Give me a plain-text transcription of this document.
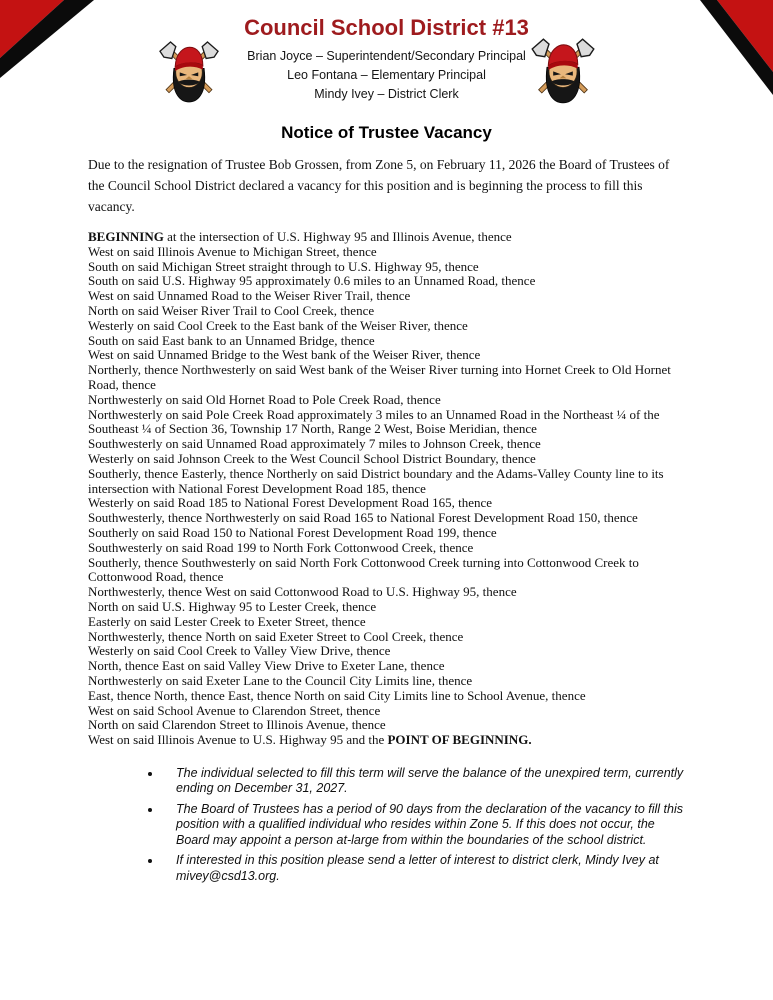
Council School District #13
Brian Joyce – Superintendent/Secondary Principal
Leo Fontana – Elementary Principal
Mindy Ivey – District Clerk
Notice of Trustee Vacancy

Due to the resignation of Trustee Bob Grossen, from Zone 5, on February 11, 2026 the Board of Trustees of the Council School District declared a vacancy for this position and is beginning the process to fill this vacancy.

BEGINNING at the intersection of U.S. Highway 95 and Illinois Avenue, thence
West on said Illinois Avenue to Michigan Street, thence
South on said Michigan Street straight through to U.S. Highway 95, thence
South on said U.S. Highway 95 approximately 0.6 miles to an Unnamed Road, thence
West on said Unnamed Road to the Weiser River Trail, thence
North on said Weiser River Trail to Cool Creek, thence
Westerly on said Cool Creek to the East bank of the Weiser River, thence
South on said East bank to an Unnamed Bridge, thence
West on said Unnamed Bridge to the West bank of the Weiser River, thence
Northerly, thence Northwesterly on said West bank of the Weiser River turning into Hornet Creek to Old Hornet Road, thence
Northwesterly on said Old Hornet Road to Pole Creek Road, thence
Northwesterly on said Pole Creek Road approximately 3 miles to an Unnamed Road in the Northeast ¼ of the Southeast ¼ of Section 36, Township 17 North, Range 2 West, Boise Meridian, thence
Southwesterly on said Unnamed Road approximately 7 miles to Johnson Creek, thence
Westerly on said Johnson Creek to the West Council School District Boundary, thence
Southerly, thence Easterly, thence Northerly on said District boundary and the Adams-Valley County line to its intersection with National Forest Development Road 185, thence
Westerly on said Road 185 to National Forest Development Road 165, thence
Southwesterly, thence Northwesterly on said Road 165 to National Forest Development Road 150, thence
Southerly on said Road 150 to National Forest Development Road 199, thence
Southwesterly on said Road 199 to North Fork Cottonwood Creek, thence
Southerly, thence Southwesterly on said North Fork Cottonwood Creek turning into Cottonwood Creek to Cottonwood Road, thence
Northwesterly, thence West on said Cottonwood Road to U.S. Highway 95, thence
North on said U.S. Highway 95 to Lester Creek, thence
Easterly on said Lester Creek to Exeter Street, thence
Northwesterly, thence North on said Exeter Street to Cool Creek, thence
Westerly on said Cool Creek to Valley View Drive, thence
North, thence East on said Valley View Drive to Exeter Lane, thence
Northwesterly on said Exeter Lane to the Council City Limits line, thence
East, thence North, thence East, thence North on said City Limits line to School Avenue, thence
West on said School Avenue to Clarendon Street, thence
North on said Clarendon Street to Illinois Avenue, thence
West on said Illinois Avenue to U.S. Highway 95 and the POINT OF BEGINNING.
• The individual selected to fill this term will serve the balance of the unexpired term, currently ending on December 31, 2027.
• The Board of Trustees has a period of 90 days from the declaration of the vacancy to fill this position with a qualified individual who resides within Zone 5. If this does not occur, the Board may appoint a person at-large from within the boundaries of the school district.
• If interested in this position please send a letter of interest to district clerk, Mindy Ivey at mivey@csd13.org.
